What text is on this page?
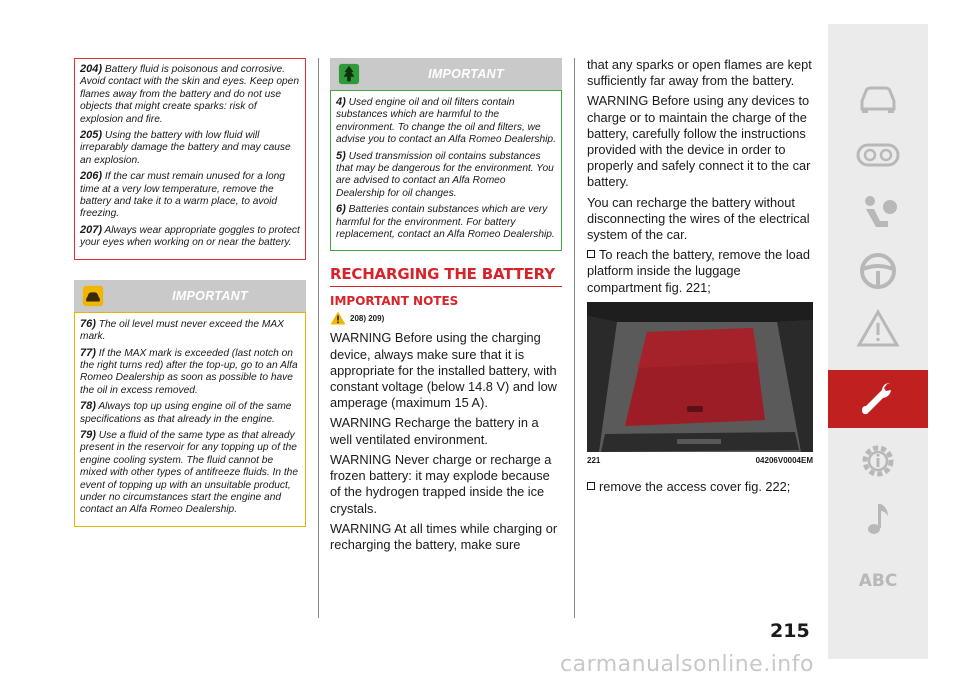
204) Battery fluid is poisonous and corrosive. Avoid contact with the skin and eyes. Keep open flames away from the battery and do not use objects that might create sparks: risk of explosion and fire.

205) Using the battery with low fluid will irreparably damage the battery and may cause an explosion.

206) If the car must remain unused for a long time at a very low temperature, remove the battery and take it to a warm place, to avoid freezing.

207) Always wear appropriate goggles to protect your eyes when working on or near the battery.

IMPORTANT

76) The oil level must never exceed the MAX mark.

77) If the MAX mark is exceeded (last notch on the right turns red) after the top-up, go to an Alfa Romeo Dealership as soon as possible to have the oil in excess removed.

78) Always top up using engine oil of the same specifications as that already in the engine.

79) Use a fluid of the same type as that already present in the reservoir for any topping up of the engine cooling system. The fluid cannot be mixed with other types of antifreeze fluids. In the event of topping up with an unsuitable product, under no circumstances start the engine and contact an Alfa Romeo Dealership.

IMPORTANT

4) Used engine oil and oil filters contain substances which are harmful to the environment. To change the oil and filters, we advise you to contact an Alfa Romeo Dealership.

5) Used transmission oil contains substances that may be dangerous for the environment. You are advised to contact an Alfa Romeo Dealership for oil changes.

6) Batteries contain substances which are very harmful for the environment. For battery replacement, contact an Alfa Romeo Dealership.

RECHARGING THE BATTERY
IMPORTANT NOTES
208) 209)

WARNING Before using the charging device, always make sure that it is appropriate for the installed battery, with constant voltage (below 14.8 V) and low amperage (maximum 15 A).

WARNING Recharge the battery in a well ventilated environment.

WARNING Never charge or recharge a frozen battery: it may explode because of the hydrogen trapped inside the ice crystals.

WARNING At all times while charging or recharging the battery, make sure

that any sparks or open flames are kept sufficiently far away from the battery.

WARNING Before using any devices to charge or to maintain the charge of the battery, carefully follow the instructions provided with the device in order to properly and safely connect it to the car battery.

You can recharge the battery without disconnecting the wires of the electrical system of the car.

To reach the battery, remove the load platform inside the luggage compartment fig. 221;

221	04206V0004EM

remove the access cover fig. 222;

ABC
215
carmanualsonline.info
